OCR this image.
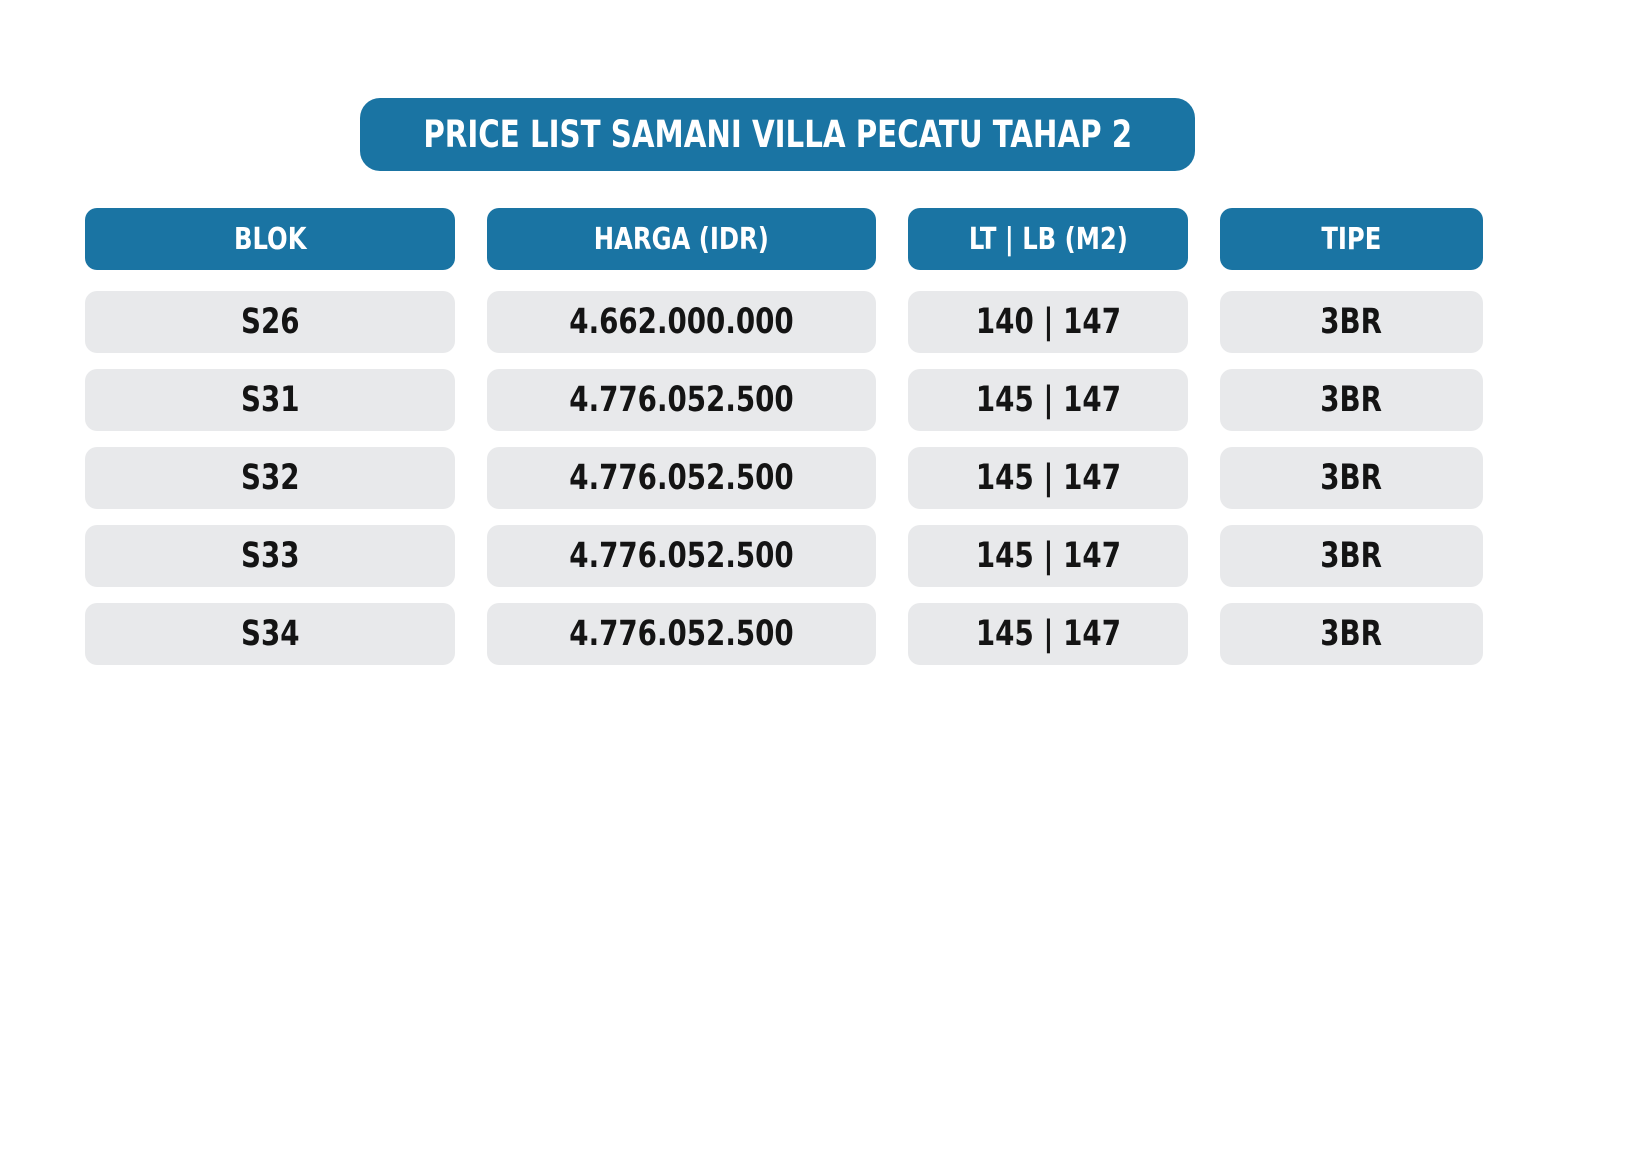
PRICE LIST SAMANI VILLA PECATU TAHAP 2
BLOK	HARGA (IDR)	LT | LB (M2)	TIPE
S26	4.662.000.000	140 | 147	3BR
S31	4.776.052.500	145 | 147	3BR
S32	4.776.052.500	145 | 147	3BR
S33	4.776.052.500	145 | 147	3BR
S34	4.776.052.500	145 | 147	3BR
